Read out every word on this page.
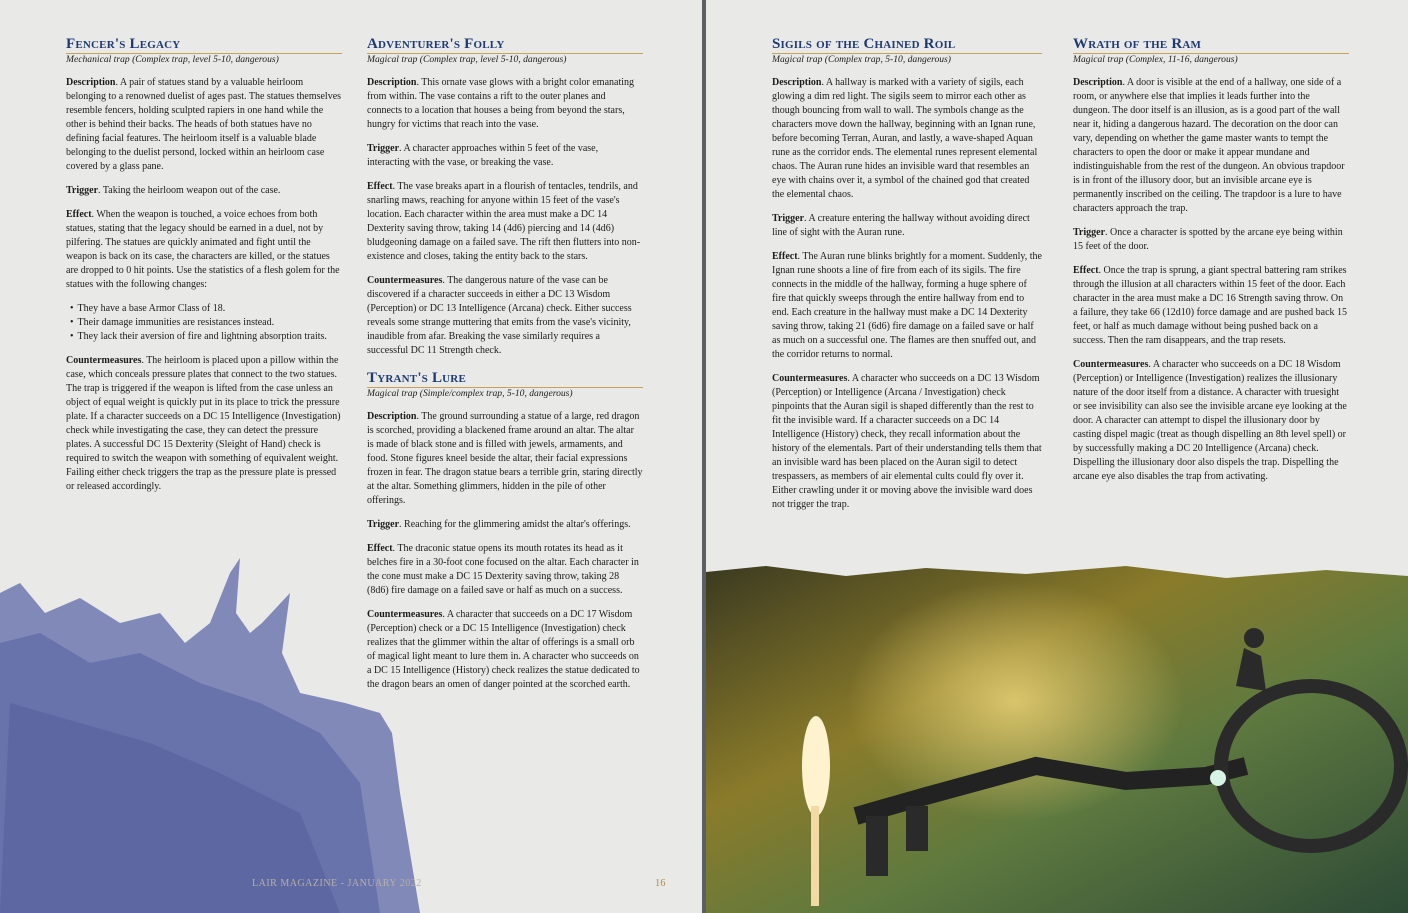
Fencer's Legacy
Mechanical trap (Complex trap, level 5-10, dangerous)
Description. A pair of statues stand by a valuable heirloom belonging to a renowned duelist of ages past. The statues themselves resemble fencers, holding sculpted rapiers in one hand while the other is behind their backs. The heads of both statues have no defining facial features. The heirloom itself is a valuable blade belonging to the duelist persond, locked within an heirloom case covered by a glass pane.
Trigger. Taking the heirloom weapon out of the case.
Effect. When the weapon is touched, a voice echoes from both statues, stating that the legacy should be earned in a duel, not by pilfering. The statues are quickly animated and fight until the weapon is back on its case, the characters are killed, or the statues are dropped to 0 hit points. Use the statistics of a flesh golem for the statues with the following changes:
• They have a base Armor Class of 18.
• Their damage immunities are resistances instead.
• They lack their aversion of fire and lightning absorption traits.
Countermeasures. The heirloom is placed upon a pillow within the case, which conceals pressure plates that connect to the two statues. The trap is triggered if the weapon is lifted from the case unless an object of equal weight is quickly put in its place to trick the pressure plate. If a character succeeds on a DC 15 Intelligence (Investigation) check while investigating the case, they can detect the pressure plates. A successful DC 15 Dexterity (Sleight of Hand) check is required to switch the weapon with something of equivalent weight. Failing either check triggers the trap as the pressure plate is pressed or released accordingly.
Adventurer's Folly
Magical trap (Complex trap, level 5-10, dangerous)
Description. This ornate vase glows with a bright color emanating from within. The vase contains a rift to the outer planes and connects to a location that houses a being from beyond the stars, hungry for victims that reach into the vase.
Trigger. A character approaches within 5 feet of the vase, interacting with the vase, or breaking the vase.
Effect. The vase breaks apart in a flourish of tentacles, tendrils, and snarling maws, reaching for anyone within 15 feet of the vase's location. Each character within the area must make a DC 14 Dexterity saving throw, taking 14 (4d6) piercing and 14 (4d6) bludgeoning damage on a failed save. The rift then flutters into non-existence and closes, taking the entity back to the stars.
Countermeasures. The dangerous nature of the vase can be discovered if a character succeeds in either a DC 13 Wisdom (Perception) or DC 13 Intelligence (Arcana) check. Either success reveals some strange muttering that emits from the vase's vicinity, inaudible from afar. Breaking the vase similarly requires a successful DC 11 Strength check.
Tyrant's Lure
Magical trap (Simple/complex trap, 5-10, dangerous)
Description. The ground surrounding a statue of a large, red dragon is scorched, providing a blackened frame around an altar. The altar is made of black stone and is filled with jewels, armaments, and food. Stone figures kneel beside the altar, their facial expressions frozen in fear. The dragon statue bears a terrible grin, staring directly at the altar. Something glimmers, hidden in the pile of other offerings.
Trigger. Reaching for the glimmering amidst the altar's offerings.
Effect. The draconic statue opens its mouth rotates its head as it belches fire in a 30-foot cone focused on the altar. Each character in the cone must make a DC 15 Dexterity saving throw, taking 28 (8d6) fire damage on a failed save or half as much on a success.
Countermeasures. A character that succeeds on a DC 17 Wisdom (Perception) check or a DC 15 Intelligence (Investigation) check realizes that the glimmer within the altar of offerings is a small orb of magical light meant to lure them in. A character who succeeds on a DC 15 Intelligence (History) check realizes the statue dedicated to the dragon bears an omen of danger pointed at the scorched earth.
Sigils of the Chained Roil
Magical trap (Complex trap, 5-10, dangerous)
Description. A hallway is marked with a variety of sigils, each glowing a dim red light. The sigils seem to mirror each other as though bouncing from wall to wall. The symbols change as the characters move down the hallway, beginning with an Ignan rune, before becoming Terran, Auran, and lastly, a wave-shaped Aquan rune as the corridor ends. The elemental runes represent elemental chaos. The Auran rune hides an invisible ward that resembles an eye with chains over it, a symbol of the chained god that created the elemental chaos.
Trigger. A creature entering the hallway without avoiding direct line of sight with the Auran rune.
Effect. The Auran rune blinks brightly for a moment. Suddenly, the Ignan rune shoots a line of fire from each of its sigils. The fire connects in the middle of the hallway, forming a huge sphere of fire that quickly sweeps through the entire hallway from end to end. Each creature in the hallway must make a DC 14 Dexterity saving throw, taking 21 (6d6) fire damage on a failed save or half as much on a successful one. The flames are then snuffed out, and the corridor returns to normal.
Countermeasures. A character who succeeds on a DC 13 Wisdom (Perception) or Intelligence (Arcana / Investigation) check pinpoints that the Auran sigil is shaped differently than the rest to fit the invisible ward. If a character succeeds on a DC 14 Intelligence (History) check, they recall information about the history of the elementals. Part of their understanding tells them that an invisible ward has been placed on the Auran sigil to detect trespassers, as members of air elemental cults could fly over it. Either crawling under it or moving above the invisible ward does not trigger the trap.
Wrath of the Ram
Magical trap (Complex, 11-16, dangerous)
Description. A door is visible at the end of a hallway, one side of a room, or anywhere else that implies it leads further into the dungeon. The door itself is an illusion, as is a good part of the wall near it, hiding a dangerous hazard. The decoration on the door can vary, depending on whether the game master wants to tempt the characters to open the door or make it appear mundane and indistinguishable from the rest of the dungeon. An obvious trapdoor is in front of the illusory door, but an invisible arcane eye is permanently inscribed on the ceiling. The trapdoor is a lure to have characters approach the trap.
Trigger. Once a character is spotted by the arcane eye being within 15 feet of the door.
Effect. Once the trap is sprung, a giant spectral battering ram strikes through the illusion at all characters within 15 feet of the door. Each character in the area must make a DC 16 Strength saving throw. On a failure, they take 66 (12d10) force damage and are pushed back 15 feet, or half as much damage without being pushed back on a success. Then the ram disappears, and the trap resets.
Countermeasures. A character who succeeds on a DC 18 Wisdom (Perception) or Intelligence (Investigation) realizes the illusionary nature of the door itself from a distance. A character with truesight or see invisibility can also see the invisible arcane eye looking at the door. A character can attempt to dispel the illusionary door by casting dispel magic (treat as though dispelling an 8th level spell) or by successfully making a DC 20 Intelligence (Arcana) check. Dispelling the illusionary door also dispels the trap. Dispelling the arcane eye also disables the trap from activating.
LAIR MAGAZINE - JANUARY 2022	16
